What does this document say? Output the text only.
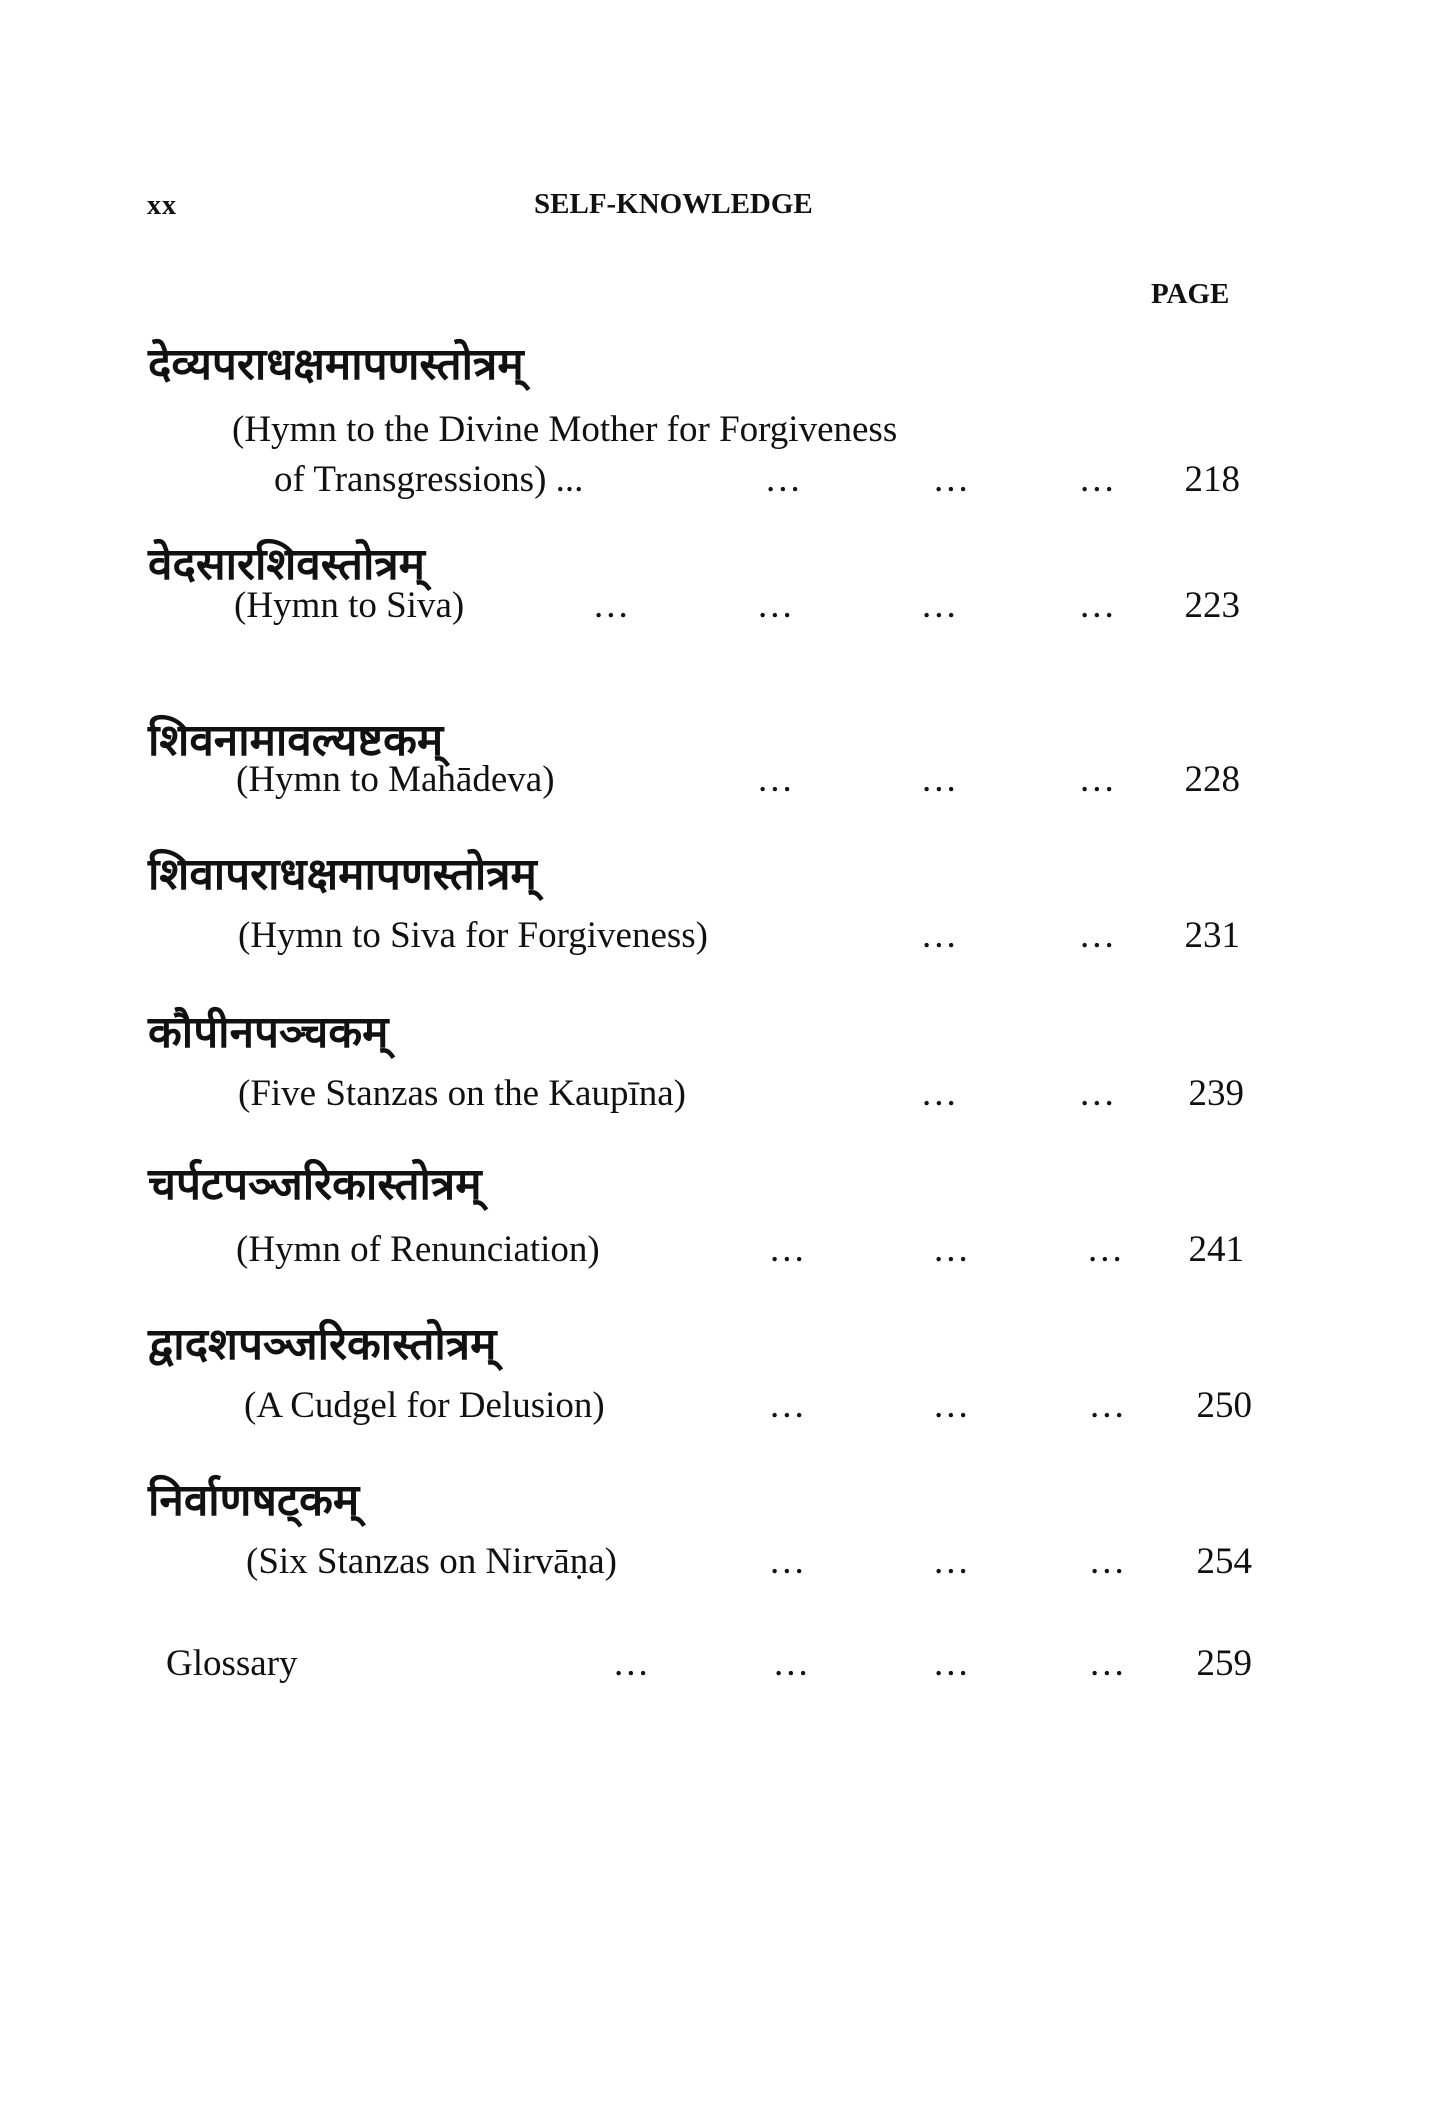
xx	SELF-KNOWLEDGE
PAGE
देव्यपराधक्षमापणस्तोत्रम्
(Hymn to the Divine Mother for Forgiveness
of Transgressions) ...	...	...	...	218
वेदसारशिवस्तोत्रम्
(Hymn to Siva)	...	...	...	...	223
शिवनामावल्यष्टकम्
(Hymn to Mahādeva)	...	...	...	228
शिवापराधक्षमापणस्तोत्रम्
(Hymn to Siva for Forgiveness)	...	...	231
कौपीनपञ्चकम्
(Five Stanzas on the Kaupīna)	...	...	239
चर्पटपञ्जरिकास्तोत्रम्
(Hymn of Renunciation)	...	...	...	241
द्वादशपञ्जरिकास्तोत्रम्
(A Cudgel for Delusion)	...	...	...	250
निर्वाणषट्कम्
(Six Stanzas on Nirvāṇa)	...	...	...	254
Glossary	...	...	...	...	259
